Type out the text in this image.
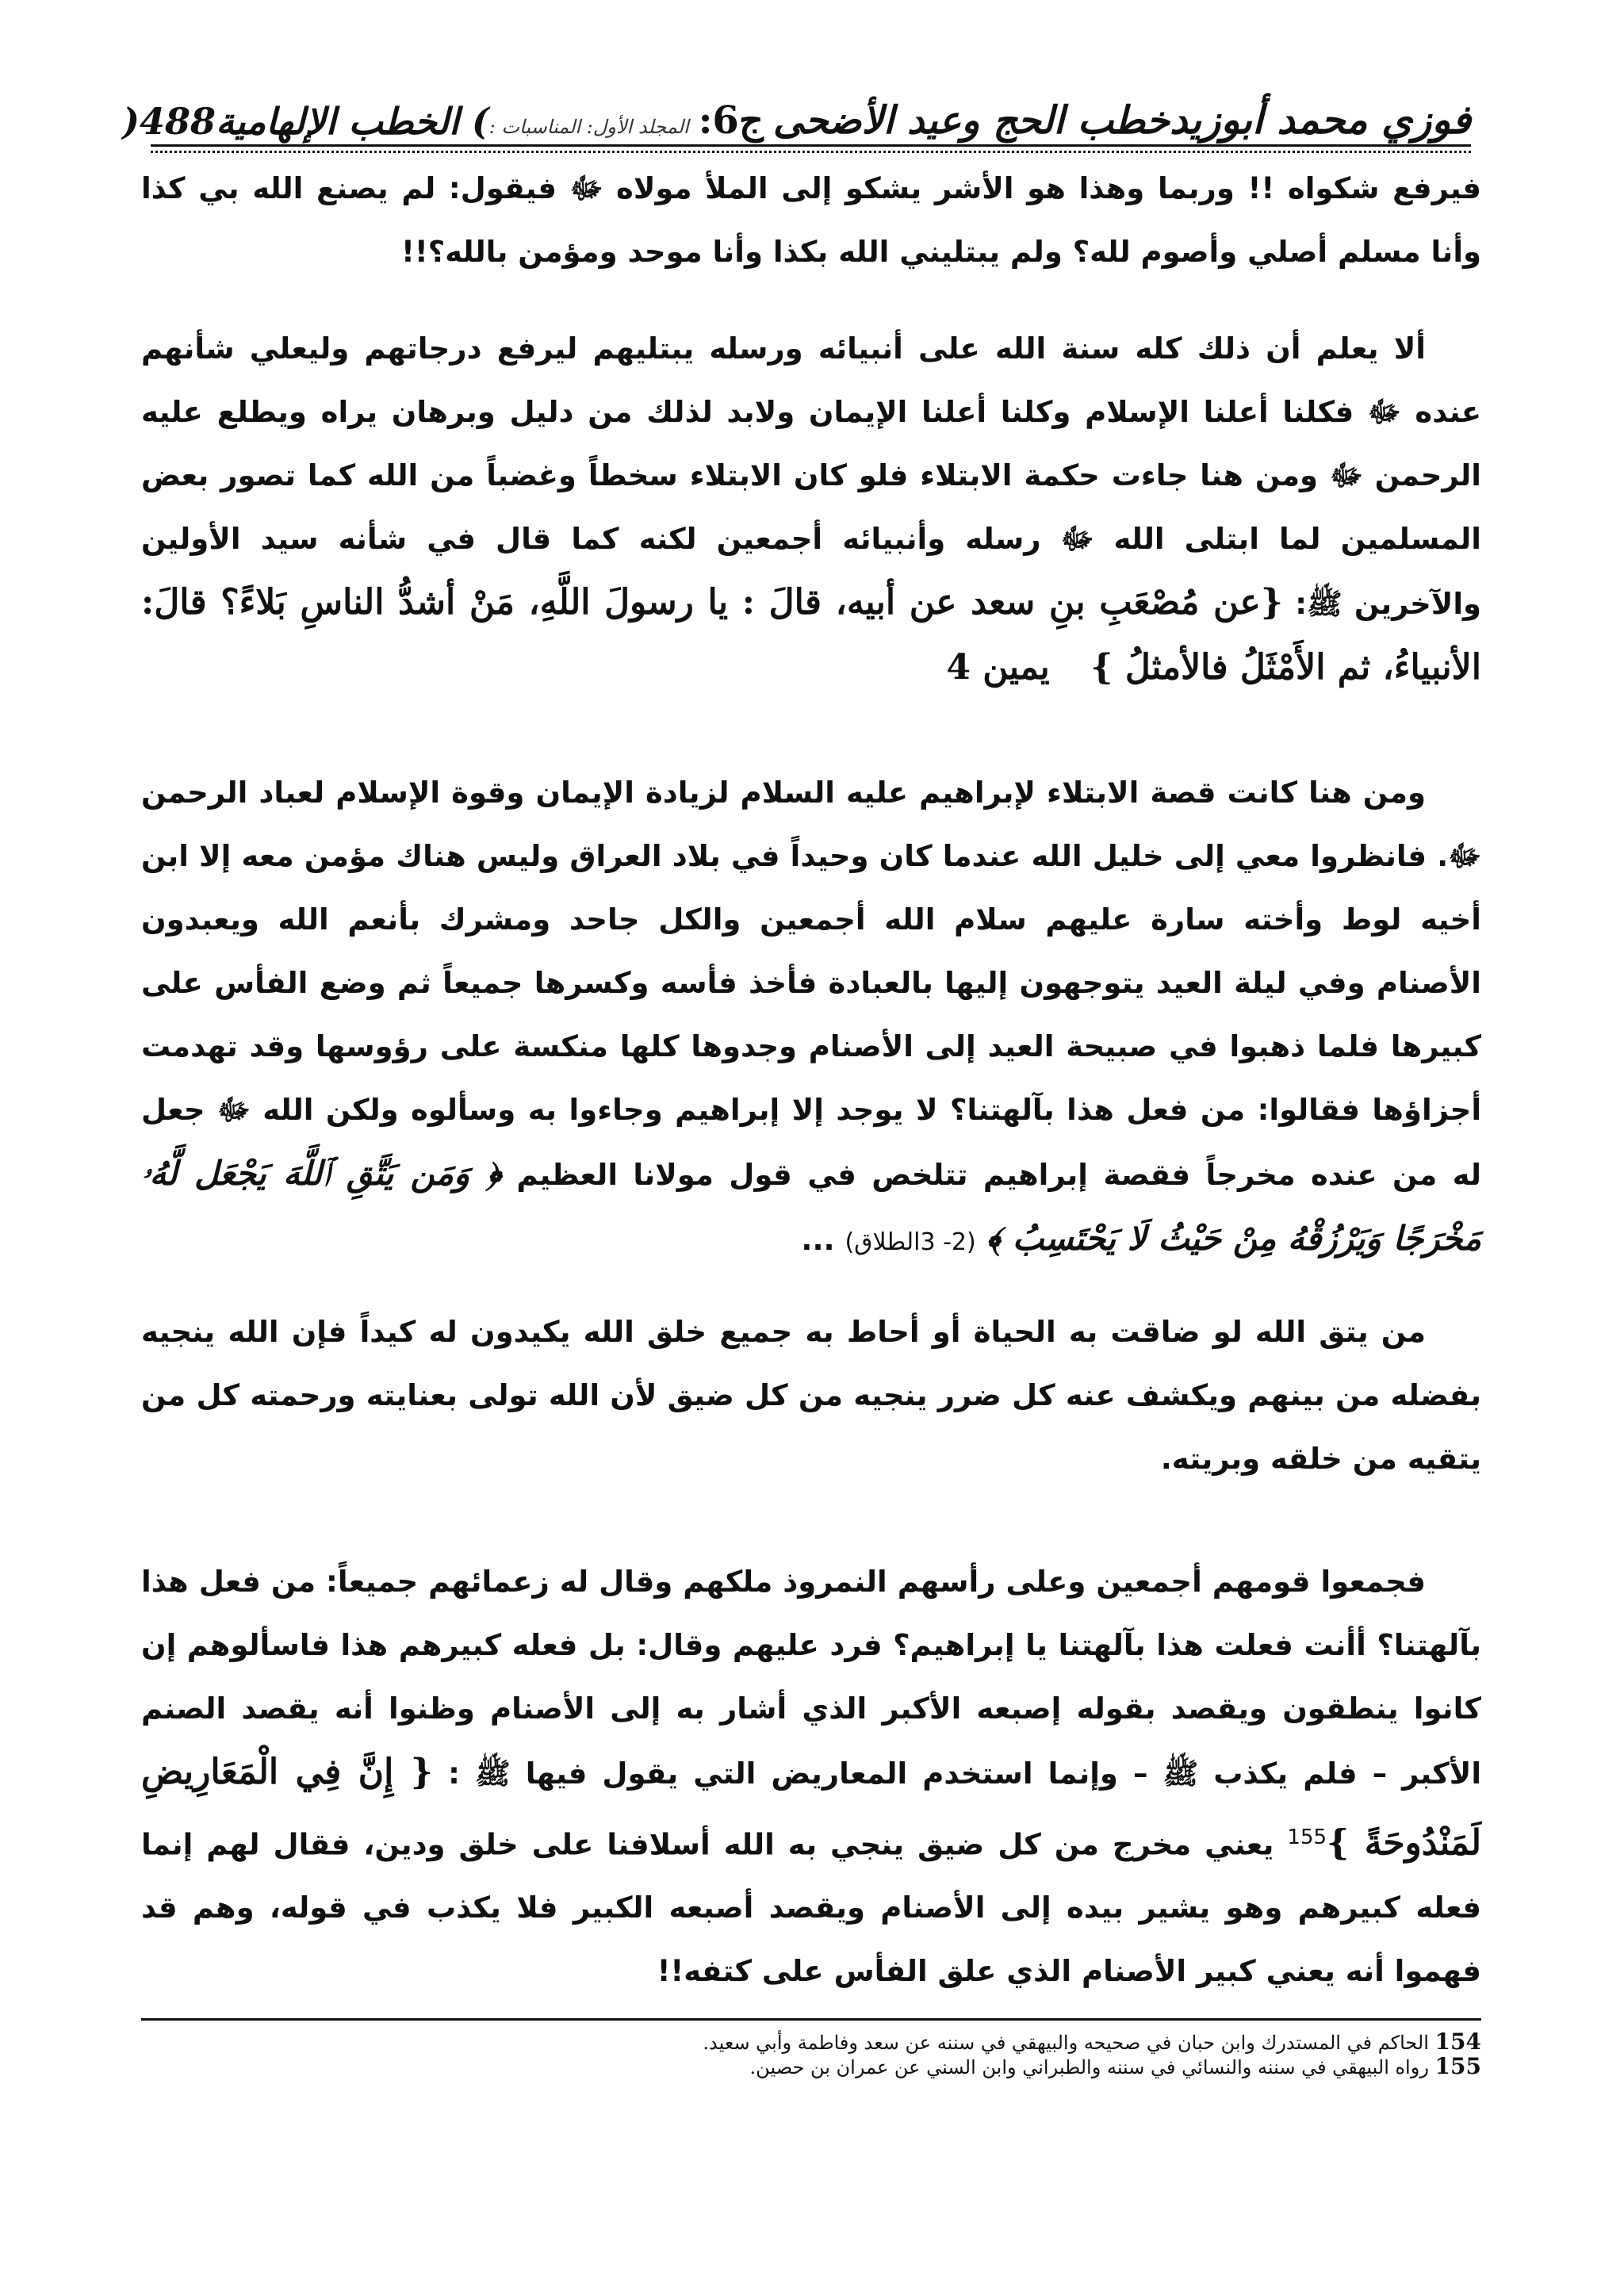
فوزي محمد أبوزيد
خطب الحج وعيد الأضحى
ج6:
المجلد الأول: المناسبات :
) الخطب الإلهامية488(

فيرفع شكواه !! وربما وهذا هو الأشر يشكو إلى الملأ مولاه ﷻ فيقول: لم يصنع الله بي كذا وأنا مسلم أصلي وأصوم لله؟ ولم يبتليني الله بكذا وأنا موحد ومؤمن بالله؟!!

ألا يعلم أن ذلك كله سنة الله على أنبيائه ورسله يبتليهم ليرفع درجاتهم وليعلي شأنهم عنده ﷻ فكلنا أعلنا الإسلام وكلنا أعلنا الإيمان ولابد لذلك من دليل وبرهان يراه ويطلع عليه الرحمن ﷻ ومن هنا جاءت حكمة الابتلاء فلو كان الابتلاء سخطاً وغضباً من الله كما تصور بعض المسلمين لما ابتلى الله ﷻ رسله وأنبيائه أجمعين لكنه كما قال في شأنه سيد الأولين والآخرين ﷺ: {عن مُصْعَبِ بنِ سعد عن أبيه، قالَ : يا رسولَ اللَّهِ، مَنْ أشدُّ الناسِ بَلاءً؟ قالَ: الأنبياءُ، ثم الأَمْثَلُ فالأمثلُ }    يمين 4

ومن هنا كانت قصة الابتلاء لإبراهيم عليه السلام لزيادة الإيمان وقوة الإسلام لعباد الرحمن ﷻ. فانظروا معي إلى خليل الله عندما كان وحيداً في بلاد العراق وليس هناك مؤمن معه إلا ابن أخيه لوط وأخته سارة عليهم سلام الله أجمعين والكل جاحد ومشرك بأنعم الله ويعبدون الأصنام وفي ليلة العيد يتوجهون إليها بالعبادة فأخذ فأسه وكسرها جميعاً ثم وضع الفأس على كبيرها فلما ذهبوا في صبيحة العيد إلى الأصنام وجدوها كلها منكسة على رؤوسها وقد تهدمت أجزاؤها فقالوا: من فعل هذا بآلهتنا؟ لا يوجد إلا إبراهيم وجاءوا به وسألوه ولكن الله ﷻ جعل له من عنده مخرجاً فقصة إبراهيم تتلخص في قول مولانا العظيم ﴿ وَمَن يَتَّقِ ٱللَّهَ يَجْعَل لَّهُۥ مَخْرَجًا وَيَرْزُقْهُ مِنْ حَيْثُ لَا يَحْتَسِبُ ﴾ (2- 3الطلاق) ...

من يتق الله لو ضاقت به الحياة أو أحاط به جميع خلق الله يكيدون له كيداً فإن الله ينجيه بفضله من بينهم ويكشف عنه كل ضرر ينجيه من كل ضيق لأن الله تولى بعنايته ورحمته كل من يتقيه من خلقه وبريته.

فجمعوا قومهم أجمعين وعلى رأسهم النمروذ ملكهم وقال له زعمائهم جميعاً: من فعل هذا بآلهتنا؟ أأنت فعلت هذا بآلهتنا يا إبراهيم؟ فرد عليهم وقال: بل فعله كبيرهم هذا فاسألوهم إن كانوا ينطقون ويقصد بقوله إصبعه الأكبر الذي أشار به إلى الأصنام وظنوا أنه يقصد الصنم الأكبر – فلم يكذب ﷺ – وإنما استخدم المعاريض التي يقول فيها ﷺ : { إِنَّ فِي الْمَعَارِيضِ لَمَنْدُوحَةً }$^{155}$ يعني مخرج من كل ضيق ينجي به الله أسلافنا على خلق ودين، فقال لهم إنما فعله كبيرهم وهو يشير بيده إلى الأصنام ويقصد أصبعه الكبير فلا يكذب في قوله، وهم قد فهموا أنه يعني كبير الأصنام الذي علق الفأس على كتفه!!

154 الحاكم في المستدرك وابن حبان في صحيحه والبيهقي في سننه عن سعد وفاطمة وأبي سعيد.
155 رواه البيهقي في سننه والنسائي في سننه والطبراني وابن السني عن عمران بن حصين.
